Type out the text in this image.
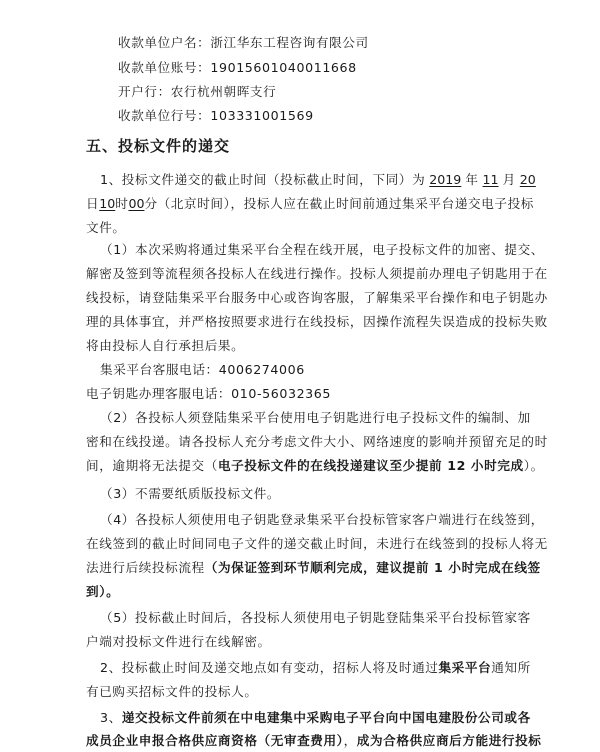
收款单位户名：浙江华东工程咨询有限公司
收款单位账号：19015601040011668
开户行：农行杭州朝晖支行
收款单位行号：103331001569
五、投标文件的递交
1、投标文件递交的截止时间（投标截止时间，下同）为 2019 年 11 月 20
日10时00分（北京时间），投标人应在截止时间前通过集采平台递交电子投标
文件。
（1）本次采购将通过集采平台全程在线开展，电子投标文件的加密、提交、
解密及签到等流程须各投标人在线进行操作。投标人须提前办理电子钥匙用于在
线投标，请登陆集采平台服务中心或咨询客服，了解集采平台操作和电子钥匙办
理的具体事宜，并严格按照要求进行在线投标，因操作流程失误造成的投标失败
将由投标人自行承担后果。
集采平台客服电话：4006274006
电子钥匙办理客服电话：010-56032365
（2）各投标人须登陆集采平台使用电子钥匙进行电子投标文件的编制、加
密和在线投递。请各投标人充分考虑文件大小、网络速度的影响并预留充足的时
间，逾期将无法提交（电子投标文件的在线投递建议至少提前 12 小时完成）。
（3）不需要纸质版投标文件。
（4）各投标人须使用电子钥匙登录集采平台投标管家客户端进行在线签到，
在线签到的截止时间同电子文件的递交截止时间，未进行在线签到的投标人将无
法进行后续投标流程（为保证签到环节顺利完成，建议提前 1 小时完成在线签
到）。
（5）投标截止时间后，各投标人须使用电子钥匙登陆集采平台投标管家客
户端对投标文件进行在线解密。
2、投标截止时间及递交地点如有变动，招标人将及时通过集采平台通知所
有已购买招标文件的投标人。
3、递交投标文件前须在中电建集中采购电子平台向中国电建股份公司或各
成员企业申报合格供应商资格（无审查费用），成为合格供应商后方能进行投标
